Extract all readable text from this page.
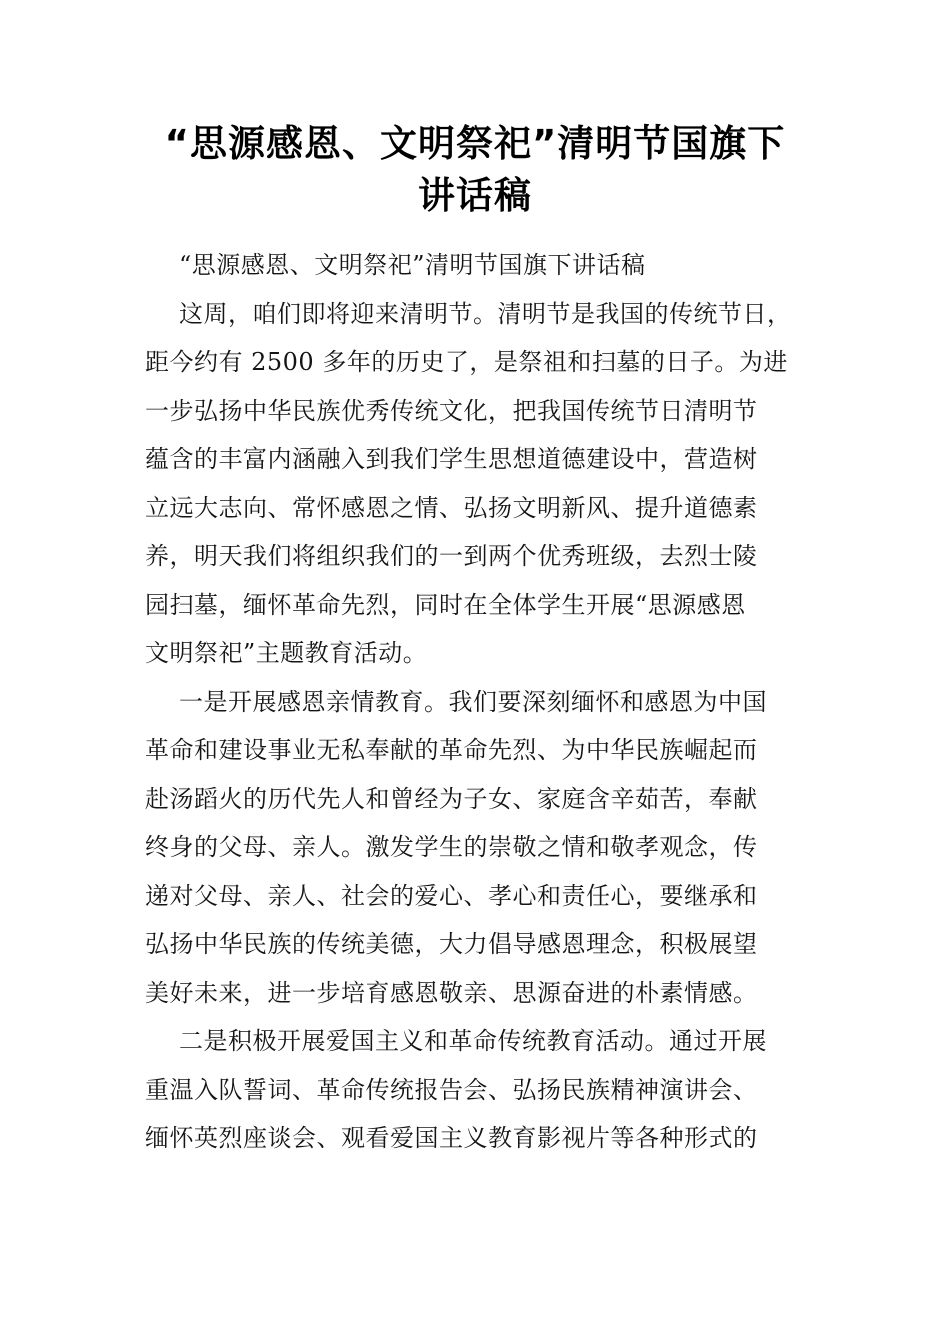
“思源感恩、文明祭祀”清明节国旗下
讲话稿
“思源感恩、文明祭祀”清明节国旗下讲话稿
这周，咱们即将迎来清明节。清明节是我国的传统节日，
距今约有 2500 多年的历史了，是祭祖和扫墓的日子。为进
一步弘扬中华民族优秀传统文化，把我国传统节日清明节
蕴含的丰富内涵融入到我们学生思想道德建设中，营造树
立远大志向、常怀感恩之情、弘扬文明新风、提升道德素
养，明天我们将组织我们的一到两个优秀班级，去烈士陵
园扫墓，缅怀革命先烈，同时在全体学生开展“思源感恩
文明祭祀”主题教育活动。
一是开展感恩亲情教育。我们要深刻缅怀和感恩为中国
革命和建设事业无私奉献的革命先烈、为中华民族崛起而
赴汤蹈火的历代先人和曾经为子女、家庭含辛茹苦，奉献
终身的父母、亲人。激发学生的崇敬之情和敬孝观念，传
递对父母、亲人、社会的爱心、孝心和责任心，要继承和
弘扬中华民族的传统美德，大力倡导感恩理念，积极展望
美好未来，进一步培育感恩敬亲、思源奋进的朴素情感。
二是积极开展爱国主义和革命传统教育活动。通过开展
重温入队誓词、革命传统报告会、弘扬民族精神演讲会、
缅怀英烈座谈会、观看爱国主义教育影视片等各种形式的
